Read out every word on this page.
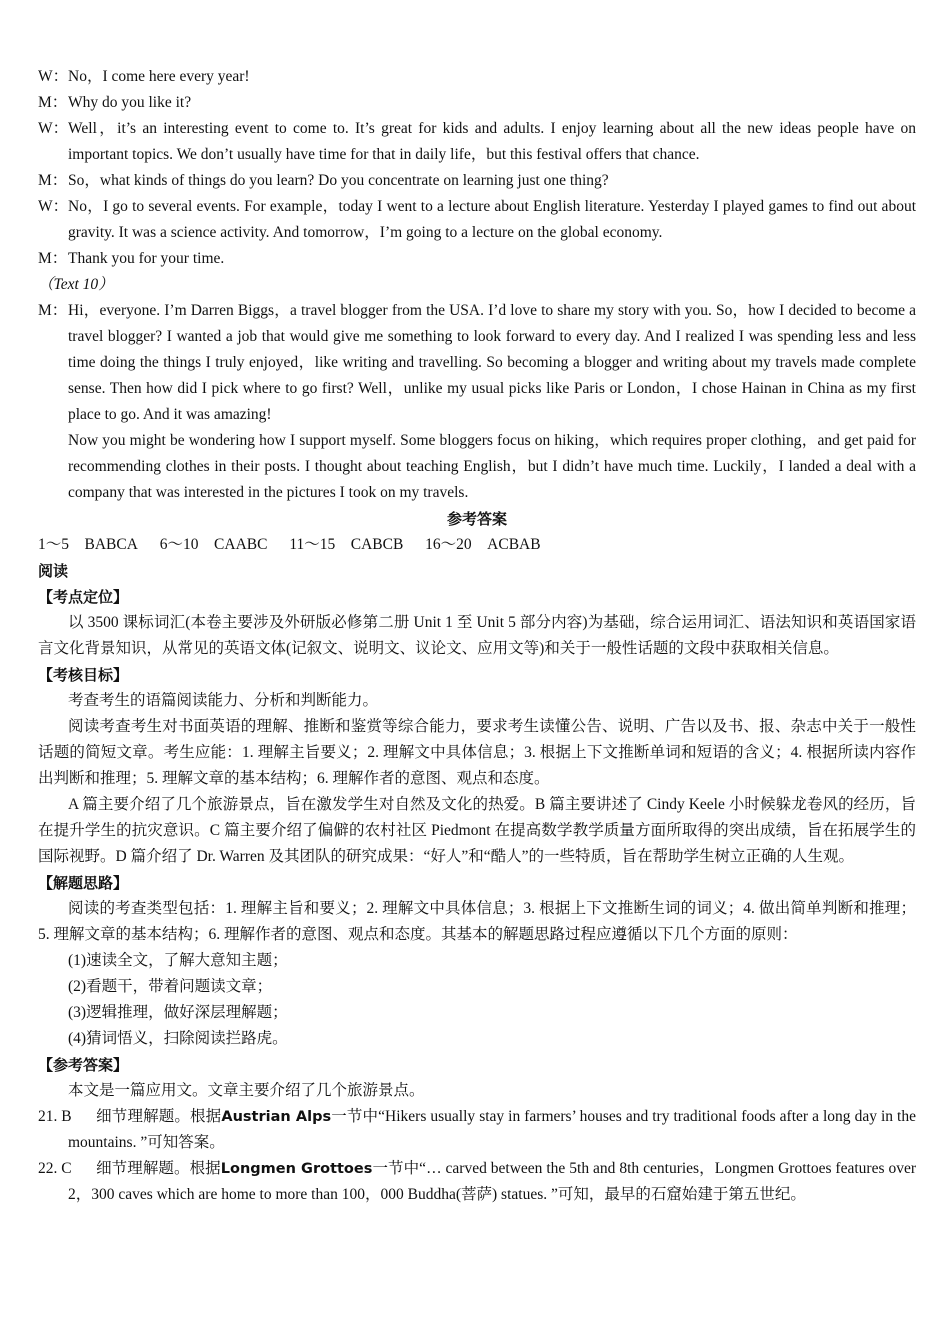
W：No，I come here every year!

M：Why do you like it?

W：Well，it’s an interesting event to come to. It’s great for kids and adults. I enjoy learning about all the new ideas people have on important topics. We don’t usually have time for that in daily life，but this festival offers that chance.

M：So，what kinds of things do you learn? Do you concentrate on learning just one thing?

W：No，I go to several events. For example，today I went to a lecture about English literature. Yesterday I played games to find out about gravity. It was a science activity. And tomorrow，I’m going to a lecture on the global economy.

M：Thank you for your time.

（Text 10）

M：Hi，everyone. I’m Darren Biggs，a travel blogger from the USA. I’d love to share my story with you. So，how I decided to become a travel blogger? I wanted a job that would give me something to look forward to every day. And I realized I was spending less and less time doing the things I truly enjoyed，like writing and travelling. So becoming a blogger and writing about my travels made complete sense. Then how did I pick where to go first? Well，unlike my usual picks like Paris or London，I chose Hainan in China as my first place to go. And it was amazing!

Now you might be wondering how I support myself. Some bloggers focus on hiking，which requires proper clothing，and get paid for recommending clothes in their posts. I thought about teaching English，but I didn’t have much time. Luckily，I landed a deal with a company that was interested in the pictures I took on my travels.

参考答案

1～5　BABCA 6～10　CAABC 11～15　CABCB 16～20　ACBAB

阅读

【考点定位】

以 3500 课标词汇(本卷主要涉及外研版必修第二册 Unit 1 至 Unit 5 部分内容)为基础，综合运用词汇、语法知识和英语国家语言文化背景知识，从常见的英语文体(记叙文、说明文、议论文、应用文等)和关于一般性话题的文段中获取相关信息。

【考核目标】

考查考生的语篇阅读能力、分析和判断能力。

阅读考查考生对书面英语的理解、推断和鉴赏等综合能力，要求考生读懂公告、说明、广告以及书、报、杂志中关于一般性话题的简短文章。考生应能：1. 理解主旨要义；2. 理解文中具体信息；3. 根据上下文推断单词和短语的含义；4. 根据所读内容作出判断和推理；5. 理解文章的基本结构；6. 理解作者的意图、观点和态度。

A 篇主要介绍了几个旅游景点，旨在激发学生对自然及文化的热爱。B 篇主要讲述了 Cindy Keele 小时候躲龙卷风的经历，旨在提升学生的抗灾意识。C 篇主要介绍了偏僻的农村社区 Piedmont 在提高数学教学质量方面所取得的突出成绩，旨在拓展学生的国际视野。D 篇介绍了 Dr. Warren 及其团队的研究成果：“好人”和“酷人”的一些特质，旨在帮助学生树立正确的人生观。

【解题思路】

阅读的考查类型包括：1. 理解主旨和要义；2. 理解文中具体信息；3. 根据上下文推断生词的词义；4. 做出简单判断和推理；5. 理解文章的基本结构；6. 理解作者的意图、观点和态度。其基本的解题思路过程应遵循以下几个方面的原则：

(1)速读全文，了解大意知主题；

(2)看题干，带着问题读文章；

(3)逻辑推理，做好深层理解题；

(4)猜词悟义，扫除阅读拦路虎。

【参考答案】

本文是一篇应用文。文章主要介绍了几个旅游景点。

21. B 细节理解题。根据Austrian Alps一节中“Hikers usually stay in farmers’ houses and try traditional foods after a long day in the mountains. ”可知答案。

22. C 细节理解题。根据Longmen Grottoes一节中“… carved between the 5th and 8th centuries，Longmen Grottoes features over 2，300 caves which are home to more than 100，000 Buddha(菩萨) statues. ”可知，最早的石窟始建于第五世纪。
